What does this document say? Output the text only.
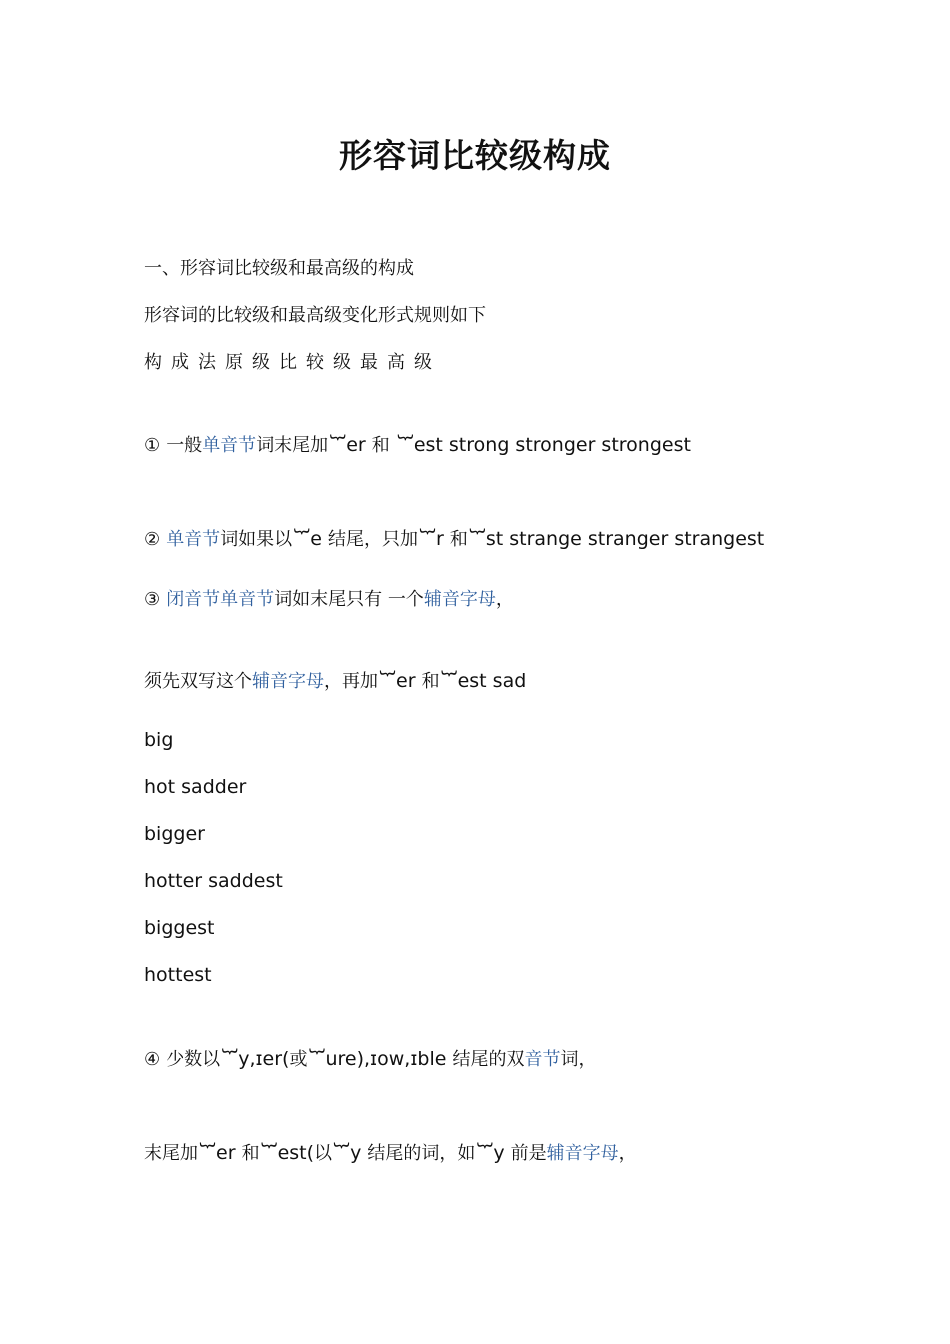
形容词比较级构成
一、形容词比较级和最高级的构成
形容词的比较级和最高级变化形式规则如下
构成法原级比较级最高级
① 一般单音节词末尾加 ︸er 和 ︸est strong stronger strongest
② 单音节词如果以 ︸e 结尾，只加 ︸r 和 ︸st strange stranger strangest
③ 闭音节单音节词如末尾只有 一个辅音字母，
须先双写这个辅音字母，再加 ︸er 和 ︸est sad
big
hot sadder
bigger
hotter saddest
biggest
hottest
④ 少数以 ︸y,ɪer(或 ︸ure),ɪow,ɪble 结尾的双音节词，
末尾加 ︸er 和 ︸est(以 ︸y 结尾的词，如 ︸y 前是辅音字母，
